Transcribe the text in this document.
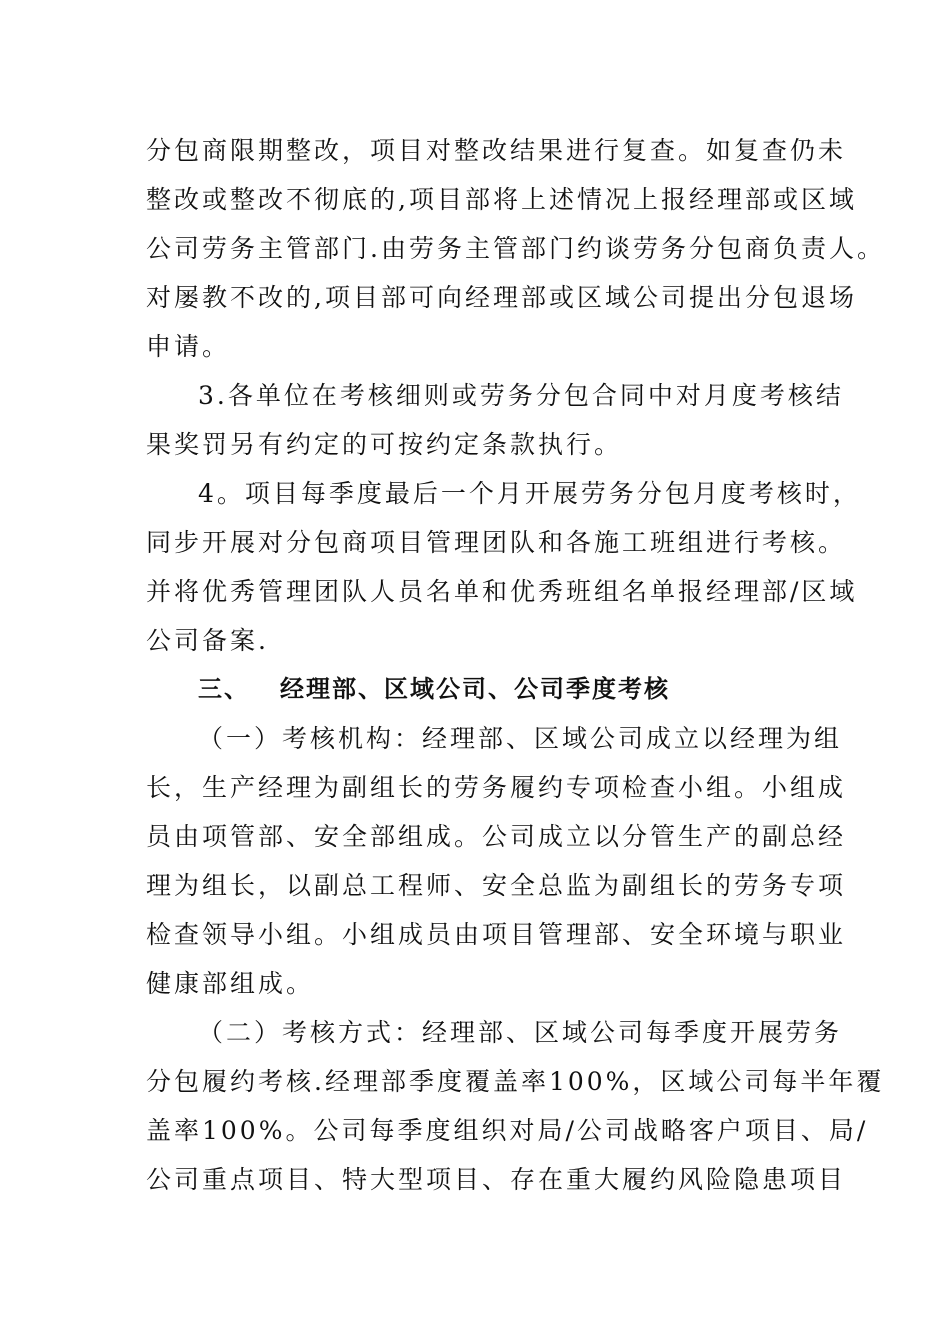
分包商限期整改，项目对整改结果进行复查。如复查仍未
整改或整改不彻底的,项目部将上述情况上报经理部或区域
公司劳务主管部门.由劳务主管部门约谈劳务分包商负责人。
对屡教不改的,项目部可向经理部或区域公司提出分包退场
申请。
3.各单位在考核细则或劳务分包合同中对月度考核结
果奖罚另有约定的可按约定条款执行。
4。项目每季度最后一个月开展劳务分包月度考核时，
同步开展对分包商项目管理团队和各施工班组进行考核。
并将优秀管理团队人员名单和优秀班组名单报经理部/区域
公司备案.
三、 经理部、区域公司、公司季度考核
（一）考核机构：经理部、区域公司成立以经理为组
长，生产经理为副组长的劳务履约专项检查小组。小组成
员由项管部、安全部组成。公司成立以分管生产的副总经
理为组长，以副总工程师、安全总监为副组长的劳务专项
检查领导小组。小组成员由项目管理部、安全环境与职业
健康部组成。
（二）考核方式：经理部、区域公司每季度开展劳务
分包履约考核.经理部季度覆盖率100%，区域公司每半年覆
盖率100%。公司每季度组织对局/公司战略客户项目、局/
公司重点项目、特大型项目、存在重大履约风险隐患项目
